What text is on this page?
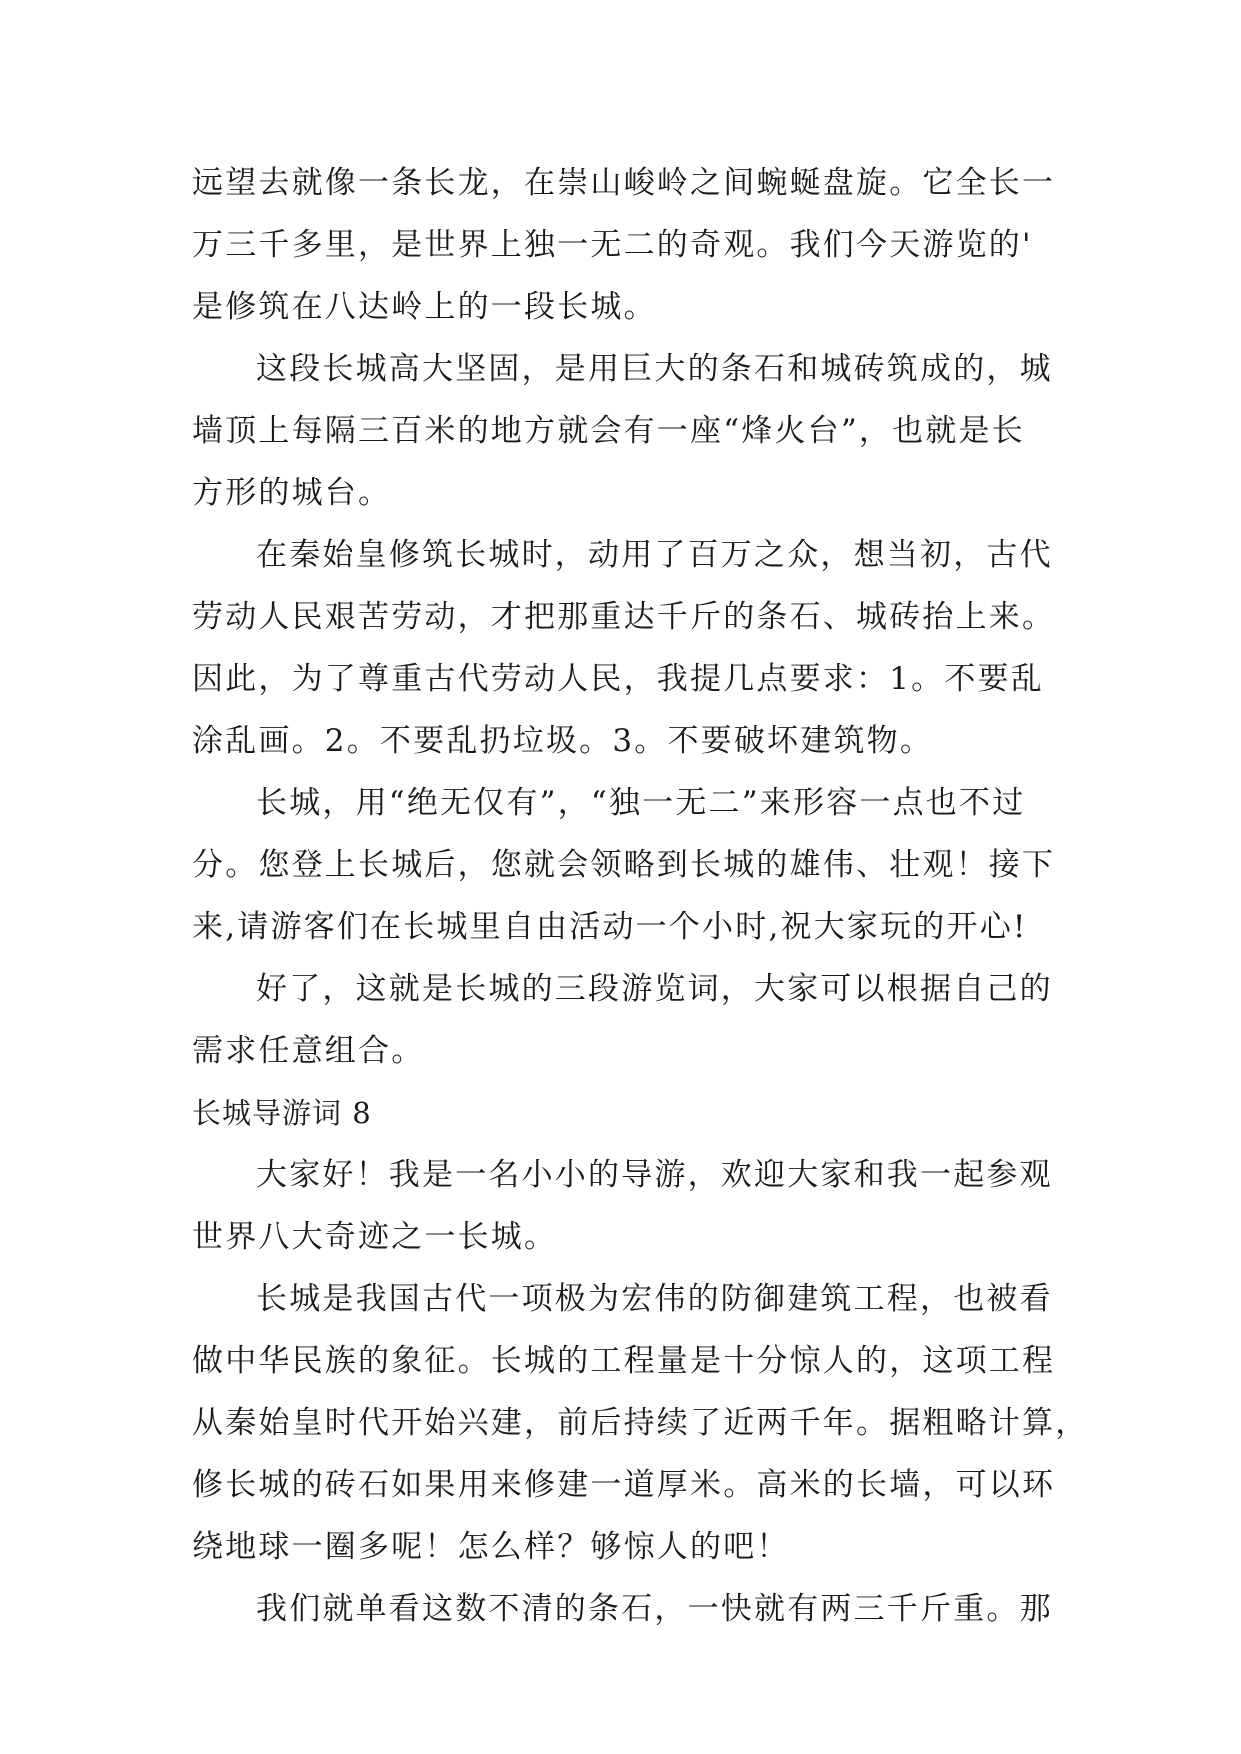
远望去就像一条长龙，在崇山峻岭之间蜿蜒盘旋。它全长一
万三千多里，是世界上独一无二的奇观。我们今天游览的'
是修筑在八达岭上的一段长城。
这段长城高大坚固，是用巨大的条石和城砖筑成的，城
墙顶上每隔三百米的地方就会有一座“烽火台”，也就是长
方形的城台。
在秦始皇修筑长城时，动用了百万之众，想当初，古代
劳动人民艰苦劳动，才把那重达千斤的条石、城砖抬上来。
因此，为了尊重古代劳动人民，我提几点要求：1。不要乱
涂乱画。2。不要乱扔垃圾。3。不要破坏建筑物。
长城，用“绝无仅有”，“独一无二”来形容一点也不过
分。您登上长城后，您就会领略到长城的雄伟、壮观！接下
来,请游客们在长城里自由活动一个小时,祝大家玩的开心!
好了，这就是长城的三段游览词，大家可以根据自己的
需求任意组合。
长城导游词 8
大家好！我是一名小小的导游，欢迎大家和我一起参观
世界八大奇迹之一长城。
长城是我国古代一项极为宏伟的防御建筑工程，也被看
做中华民族的象征。长城的工程量是十分惊人的，这项工程
从秦始皇时代开始兴建，前后持续了近两千年。据粗略计算，
修长城的砖石如果用来修建一道厚米。高米的长墙，可以环
绕地球一圈多呢！怎么样？够惊人的吧！
我们就单看这数不清的条石，一快就有两三千斤重。那
